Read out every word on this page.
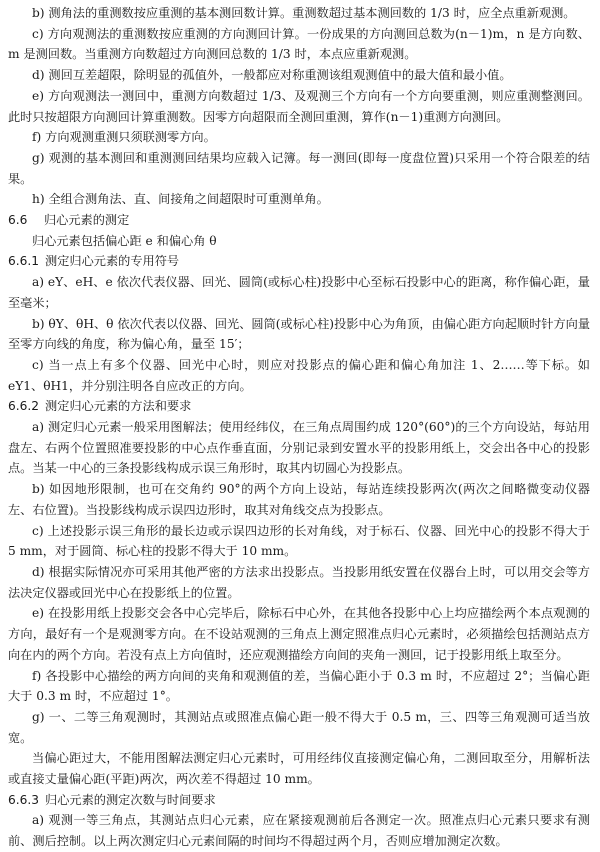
b) 测角法的重测数按应重测的基本测回数计算。重测数超过基本测回数的 1/3 时，应全点重新观测。

c) 方向观测法的重测数按应重测的方向测回计算。一份成果的方向测回总数为(n－1)m，n 是方向数、m 是测回数。当重测方向数超过方向测回总数的 1/3 时，本点应重新观测。

d) 测回互差超限，除明显的孤值外，一般都应对称重测该组观测值中的最大值和最小值。

e) 方向观测法一测回中，重测方向数超过 1/3、及观测三个方向有一个方向要重测，则应重测整测回。此时只按超限方向测回计算重测数。因零方向超限而全测回重测，算作(n－1)重测方向测回。

f) 方向观测重测只须联测零方向。

g) 观测的基本测回和重测测回结果均应载入记簿。每一测回(即每一度盘位置)只采用一个符合限差的结果。

h) 全组合测角法、直、间接角之间超限时可重测单角。

6.6 归心元素的测定

归心元素包括偏心距 e 和偏心角 θ

6.6.1 测定归心元素的专用符号

a) eY、eH、e 依次代表仪器、回光、圆筒(或标心柱)投影中心至标石投影中心的距离，称作偏心距，量至毫米；

b) θY、θH、θ 依次代表以仪器、回光、圆筒(或标心柱)投影中心为角顶，由偏心距方向起顺时针方向量至零方向线的角度，称为偏心角，量至 15′；

c) 当一点上有多个仪器、回光中心时，则应对投影点的偏心距和偏心角加注 1、2……等下标。如 eY1、θH1，并分别注明各自应改正的方向。

6.6.2 测定归心元素的方法和要求

a) 测定归心元素一般采用图解法；使用经纬仪，在三角点周围约成 120°(60°)的三个方向设站，每站用盘左、右两个位置照准要投影的中心点作垂直面，分别记录到安置水平的投影用纸上，交会出各中心的投影点。当某一中心的三条投影线构成示误三角形时，取其内切圆心为投影点。

b) 如因地形限制，也可在交角约 90°的两个方向上设站，每站连续投影两次(两次之间略微变动仪器左、右位置)。当投影线构成示误四边形时，取其对角线交点为投影点。

c) 上述投影示误三角形的最长边或示误四边形的长对角线，对于标石、仪器、回光中心的投影不得大于 5 mm，对于圆筒、标心柱的投影不得大于 10 mm。

d) 根据实际情况亦可采用其他严密的方法求出投影点。当投影用纸安置在仪器台上时，可以用交会等方法决定仪器或回光中心在投影纸上的位置。

e) 在投影用纸上投影交会各中心完毕后，除标石中心外，在其他各投影中心上均应描绘两个本点观测的方向，最好有一个是观测零方向。在不设站观测的三角点上测定照准点归心元素时，必须描绘包括测站点方向在内的两个方向。若没有点上方向值时，还应观测描绘方向间的夹角一测回，记于投影用纸上取至分。

f) 各投影中心描绘的两方向间的夹角和观测值的差，当偏心距小于 0.3 m 时，不应超过 2°；当偏心距大于 0.3 m 时，不应超过 1°。

g) 一、二等三角观测时，其测站点或照准点偏心距一般不得大于 0.5 m，三、四等三角观测可适当放宽。

当偏心距过大，不能用图解法测定归心元素时，可用经纬仪直接测定偏心角，二测回取至分，用解析法或直接丈量偏心距(平距)两次，两次差不得超过 10 mm。

6.6.3 归心元素的测定次数与时间要求

a) 观测一等三角点，其测站点归心元素，应在紧接观测前后各测定一次。照准点归心元素只要求有测前、测后控制。以上两次测定归心元素间隔的时间均不得超过两个月，否则应增加测定次数。
